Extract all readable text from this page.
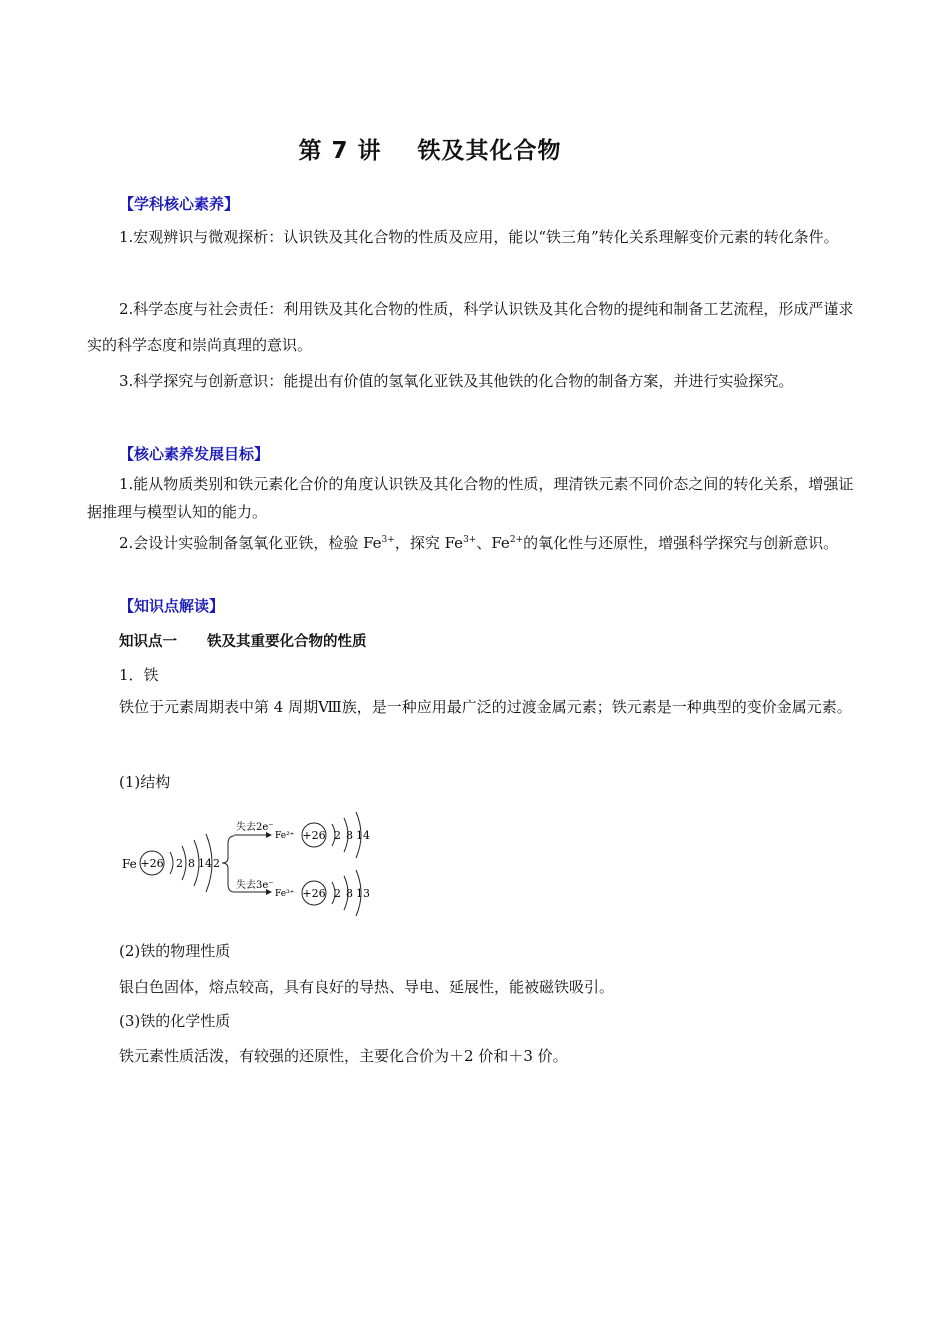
第 7 讲 铁及其化合物
【学科核心素养】
1.宏观辨识与微观探析：认识铁及其化合物的性质及应用，能以“铁三角”转化关系理解变价元素的转化条件。
2.科学态度与社会责任：利用铁及其化合物的性质，科学认识铁及其化合物的提纯和制备工艺流程，形成严谨求实的科学态度和崇尚真理的意识。
3.科学探究与创新意识：能提出有价值的氢氧化亚铁及其他铁的化合物的制备方案，并进行实验探究。
【核心素养发展目标】
1.能从物质类别和铁元素化合价的角度认识铁及其化合物的性质，理清铁元素不同价态之间的转化关系，增强证据推理与模型认知的能力。
2.会设计实验制备氢氧化亚铁，检验 $Fe^{3+}$，探究 $Fe^{3+}$、$Fe^{2+}$的氧化性与还原性，增强科学探究与创新意识。
【知识点解读】
知识点一 铁及其重要化合物的性质
1．铁
铁位于元素周期表中第 4 周期Ⅷ族，是一种应用最广泛的过渡金属元素；铁元素是一种典型的变价金属元素。
(1)结构
Fe +26 2 8 14 2
失去2e⁻
Fe²⁺ +26 2 8 14
失去3e⁻
Fe³⁺ +26 2 8 13
(2)铁的物理性质
银白色固体，熔点较高，具有良好的导热、导电、延展性，能被磁铁吸引。
(3)铁的化学性质
铁元素性质活泼，有较强的还原性，主要化合价为＋2 价和＋3 价。
